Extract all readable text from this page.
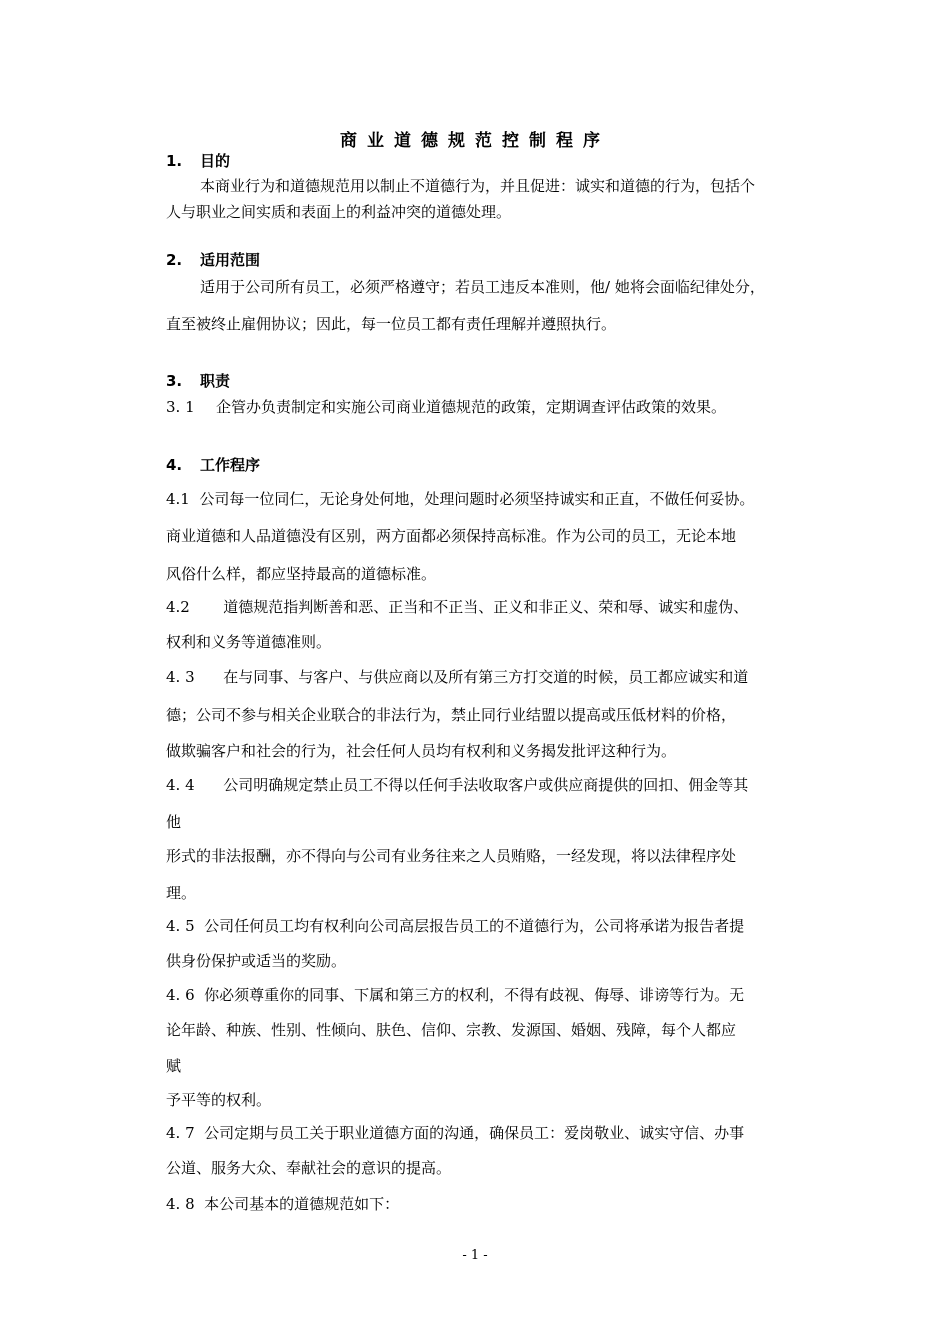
商业道德规范控制程序
1. 目的
本商业行为和道德规范用以制止不道德行为，并且促进：诚实和道德的行为，包括个
人与职业之间实质和表面上的利益冲突的道德处理。
2. 适用范围
适用于公司所有员工，必须严格遵守；若员工违反本准则，他/ 她将会面临纪律处分，
直至被终止雇佣协议；因此，每一位员工都有责任理解并遵照执行。
3. 职责
3. 1 企管办负责制定和实施公司商业道德规范的政策，定期调查评估政策的效果。
4. 工作程序
4.1  公司每一位同仁，无论身处何地，处理问题时必须坚持诚实和正直，不做任何妥协。
商业道德和人品道德没有区别，两方面都必须保持高标准。作为公司的员工，无论本地
风俗什么样，都应坚持最高的道德标准。
4.2       道德规范指判断善和恶、正当和不正当、正义和非正义、荣和辱、诚实和虚伪、
权利和义务等道德准则。
4. 3      在与同事、与客户、与供应商以及所有第三方打交道的时候，员工都应诚实和道
德；公司不参与相关企业联合的非法行为，禁止同行业结盟以提高或压低材料的价格，
做欺骗客户和社会的行为，社会任何人员均有权利和义务揭发批评这种行为。
4. 4      公司明确规定禁止员工不得以任何手法收取客户或供应商提供的回扣、佣金等其
他
形式的非法报酬，亦不得向与公司有业务往来之人员贿赂，一经发现，将以法律程序处
理。
4. 5  公司任何员工均有权利向公司高层报告员工的不道德行为，公司将承诺为报告者提
供身份保护或适当的奖励。
4. 6  你必须尊重你的同事、下属和第三方的权利，不得有歧视、侮辱、诽谤等行为。无
论年龄、种族、性别、性倾向、肤色、信仰、宗教、发源国、婚姻、残障，每个人都应
赋
予平等的权利。
4. 7  公司定期与员工关于职业道德方面的沟通，确保员工：爱岗敬业、诚实守信、办事
公道、服务大众、奉献社会的意识的提高。
4. 8  本公司基本的道德规范如下：
- 1 -
